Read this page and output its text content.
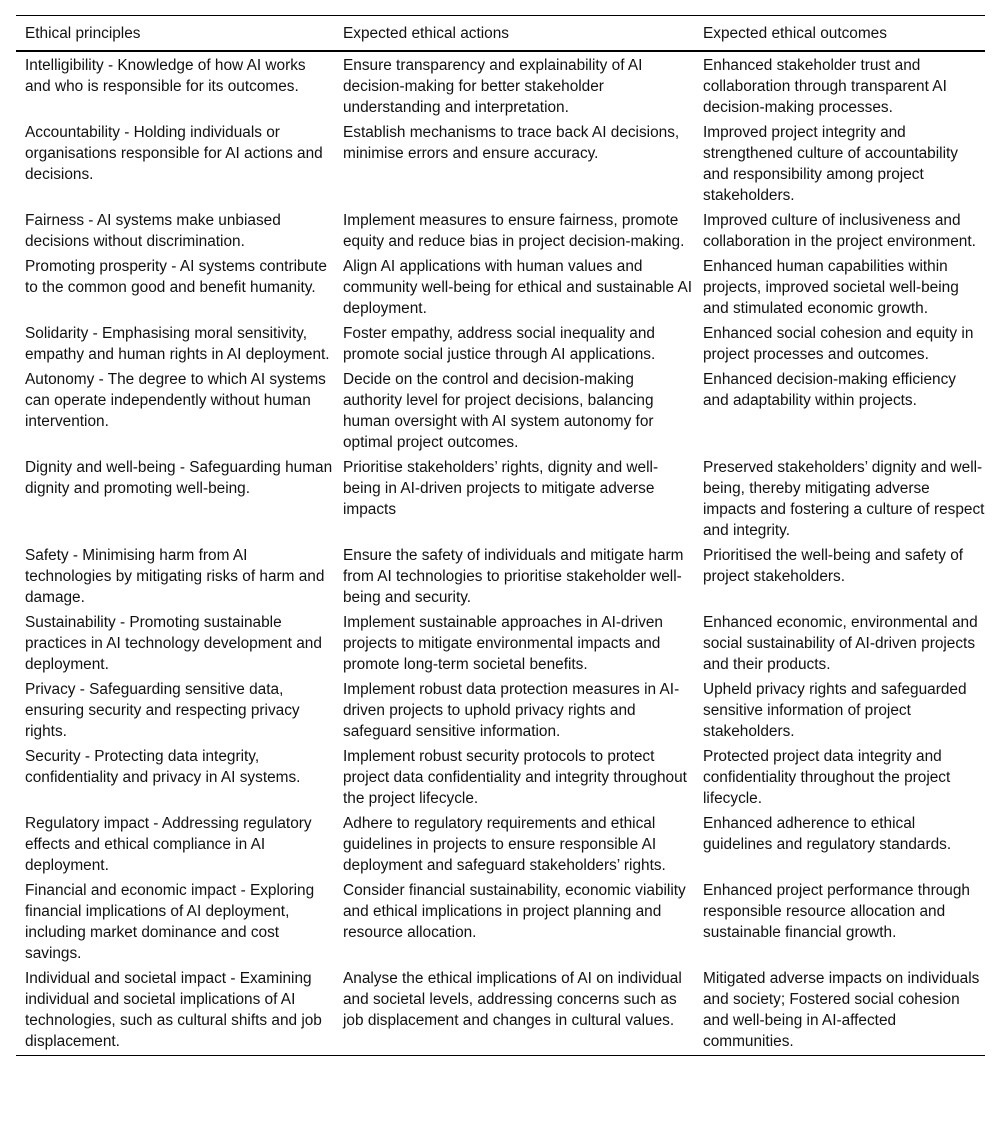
Ethical principles	Expected ethical actions	Expected ethical outcomes
Intelligibility - Knowledge of how AI works and who is responsible for its outcomes.	Ensure transparency and explainability of AI decision-making for better stakeholder understanding and interpretation.	Enhanced stakeholder trust and collaboration through transparent AI decision-making processes.
Accountability - Holding individuals or organisations responsible for AI actions and decisions.	Establish mechanisms to trace back AI decisions, minimise errors and ensure accuracy.	Improved project integrity and strengthened culture of accountability and responsibility among project stakeholders.
Fairness - AI systems make unbiased decisions without discrimination.	Implement measures to ensure fairness, promote equity and reduce bias in project decision-making.	Improved culture of inclusiveness and collaboration in the project environment.
Promoting prosperity - AI systems contribute to the common good and benefit humanity.	Align AI applications with human values and community well-being for ethical and sustainable AI deployment.	Enhanced human capabilities within projects, improved societal well-being and stimulated economic growth.
Solidarity - Emphasising moral sensitivity, empathy and human rights in AI deployment.	Foster empathy, address social inequality and promote social justice through AI applications.	Enhanced social cohesion and equity in project processes and outcomes.
Autonomy - The degree to which AI systems can operate independently without human intervention.	Decide on the control and decision-making authority level for project decisions, balancing human oversight with AI system autonomy for optimal project outcomes.	Enhanced decision-making efficiency and adaptability within projects.
Dignity and well-being - Safeguarding human dignity and promoting well-being.	Prioritise stakeholders’ rights, dignity and well-being in AI-driven projects to mitigate adverse impacts	Preserved stakeholders’ dignity and well-being, thereby mitigating adverse impacts and fostering a culture of respect and integrity.
Safety - Minimising harm from AI technologies by mitigating risks of harm and damage.	Ensure the safety of individuals and mitigate harm from AI technologies to prioritise stakeholder well-being and security.	Prioritised the well-being and safety of project stakeholders.
Sustainability - Promoting sustainable practices in AI technology development and deployment.	Implement sustainable approaches in AI-driven projects to mitigate environmental impacts and promote long-term societal benefits.	Enhanced economic, environmental and social sustainability of AI-driven projects and their products.
Privacy - Safeguarding sensitive data, ensuring security and respecting privacy rights.	Implement robust data protection measures in AI-driven projects to uphold privacy rights and safeguard sensitive information.	Upheld privacy rights and safeguarded sensitive information of project stakeholders.
Security - Protecting data integrity, confidentiality and privacy in AI systems.	Implement robust security protocols to protect project data confidentiality and integrity throughout the project lifecycle.	Protected project data integrity and confidentiality throughout the project lifecycle.
Regulatory impact - Addressing regulatory effects and ethical compliance in AI deployment.	Adhere to regulatory requirements and ethical guidelines in projects to ensure responsible AI deployment and safeguard stakeholders’ rights.	Enhanced adherence to ethical guidelines and regulatory standards.
Financial and economic impact - Exploring financial implications of AI deployment, including market dominance and cost savings.	Consider financial sustainability, economic viability and ethical implications in project planning and resource allocation.	Enhanced project performance through responsible resource allocation and sustainable financial growth.
Individual and societal impact - Examining individual and societal implications of AI technologies, such as cultural shifts and job displacement.	Analyse the ethical implications of AI on individual and societal levels, addressing concerns such as job displacement and changes in cultural values.	Mitigated adverse impacts on individuals and society; Fostered social cohesion and well-being in AI-affected communities.
